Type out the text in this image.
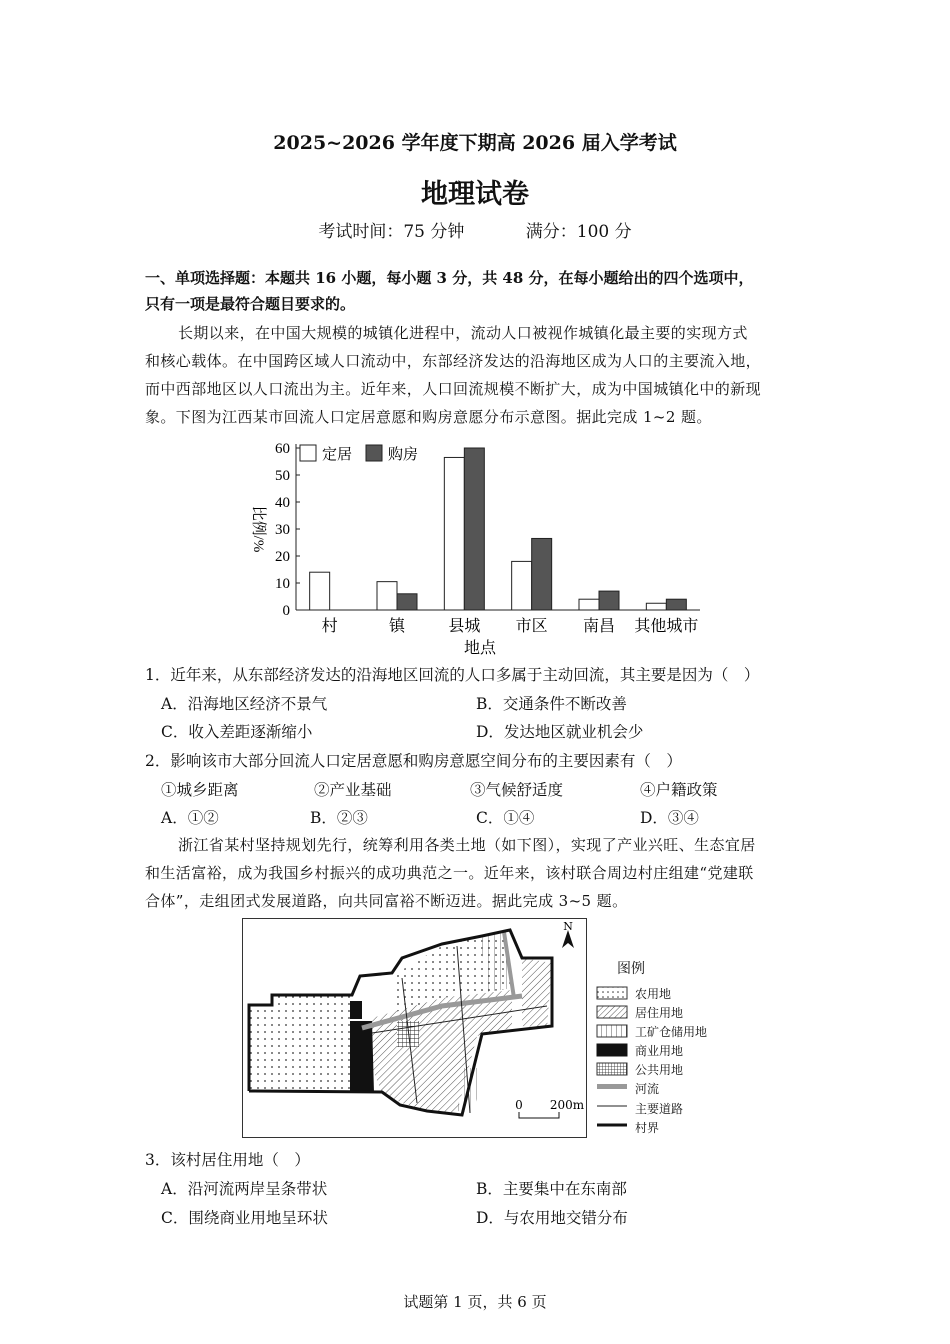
2025~2026 学年度下期高 2026 届入学考试
地理试卷
考试时间：75 分钟	满分：100 分
一、单项选择题：本题共 16 小题，每小题 3 分，共 48 分，在每小题给出的四个选项中，
只有一项是最符合题目要求的。
长期以来，在中国大规模的城镇化进程中，流动人口被视作城镇化最主要的实现方式
和核心载体。在中国跨区域人口流动中，东部经济发达的沿海地区成为人口的主要流入地，
而中西部地区以人口流出为主。近年来，人口回流规模不断扩大，成为中国城镇化中的新现
象。下图为江西某市回流人口定居意愿和购房意愿分布示意图。据此完成 1~2 题。
0
10
20
30
40
50
60
比例/%
村	镇	县城 市区 南昌 其他城市
地点
定居 购房
1．近年来，从东部经济发达的沿海地区回流的人口多属于主动回流，其主要是因为（　）
A．沿海地区经济不景气	B．交通条件不断改善
C．收入差距逐渐缩小	D．发达地区就业机会少
2．影响该市大部分回流人口定居意愿和购房意愿空间分布的主要因素有（　）
①城乡距离	②产业基础	③气候舒适度	④户籍政策
A．①②	B．②③	C．①④	D．③④
浙江省某村坚持规划先行，统筹利用各类土地（如下图），实现了产业兴旺、生态宜居
和生活富裕，成为我国乡村振兴的成功典范之一。近年来，该村联合周边村庄组建“党建联
合体”，走组团式发展道路，向共同富裕不断迈进。据此完成 3~5 题。
N
0 200m
图例
农用地
居住用地
工矿仓储用地
商业用地
公共用地
河流
主要道路
村界
3．该村居住用地（　）
A．沿河流两岸呈条带状	B．主要集中在东南部
C．围绕商业用地呈环状	D．与农用地交错分布
试题第 1 页，共 6 页
